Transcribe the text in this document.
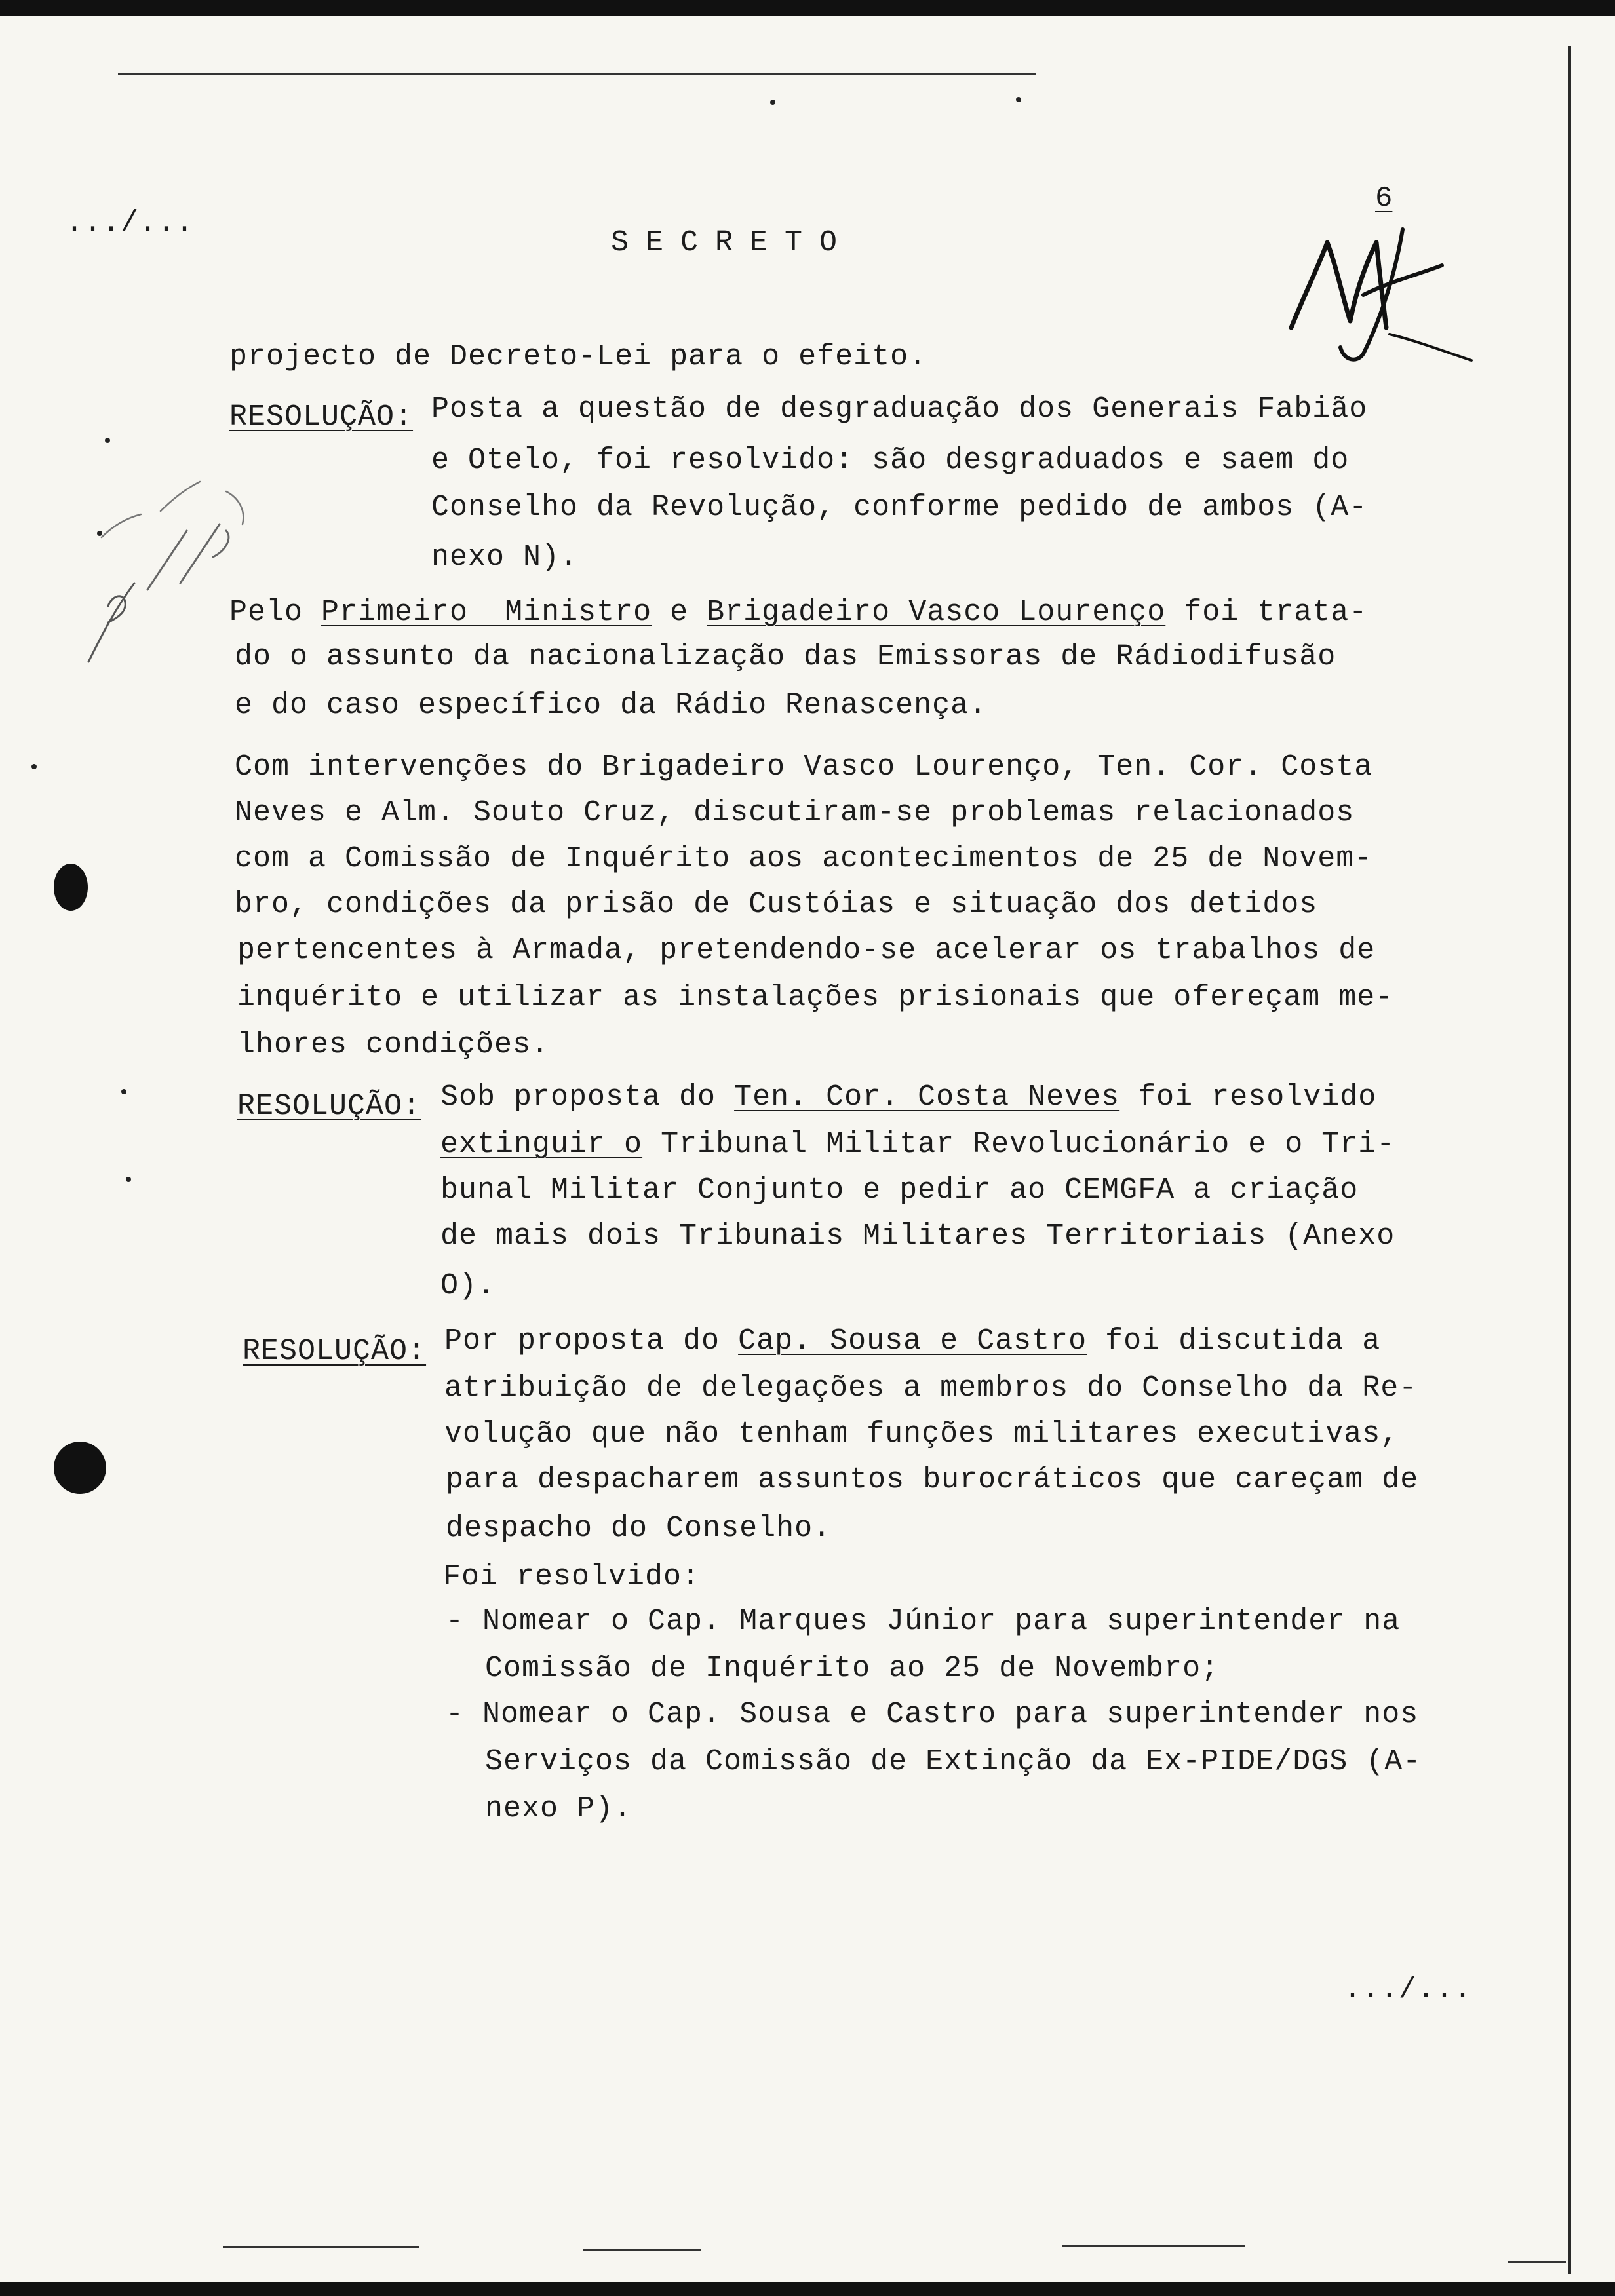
.../...
SECRETO
6
projecto de Decreto-Lei para o efeito.
RESOLUÇÃO: Posta a questão de desgraduação dos Generais Fabião
e Otelo, foi resolvido: são desgraduados e saem do
Conselho da Revolução, conforme pedido de ambos (A-
nexo N).
Pelo Primeiro  Ministro e Brigadeiro Vasco Lourenço foi trata-
do o assunto da nacionalização das Emissoras de Rádiodifusão
e do caso específico da Rádio Renascença.
Com intervenções do Brigadeiro Vasco Lourenço, Ten. Cor. Costa
Neves e Alm. Souto Cruz, discutiram-se problemas relacionados
com a Comissão de Inquérito aos acontecimentos de 25 de Novem-
bro, condições da prisão de Custóias e situação dos detidos
pertencentes à Armada, pretendendo-se acelerar os trabalhos de
inquérito e utilizar as instalações prisionais que ofereçam me-
lhores condições.
RESOLUÇÃO: Sob proposta do Ten. Cor. Costa Neves foi resolvido
extinguir o Tribunal Militar Revolucionário e o Tri-
bunal Militar Conjunto e pedir ao CEMGFA a criação
de mais dois Tribunais Militares Territoriais (Anexo
O).
RESOLUÇÃO: Por proposta do Cap. Sousa e Castro foi discutida a
atribuição de delegações a membros do Conselho da Re-
volução que não tenham funções militares executivas,
para despacharem assuntos burocráticos que careçam de
despacho do Conselho.
Foi resolvido:
- Nomear o Cap. Marques Júnior para superintender na
Comissão de Inquérito ao 25 de Novembro;
- Nomear o Cap. Sousa e Castro para superintender nos
Serviços da Comissão de Extinção da Ex-PIDE/DGS (A-
nexo P).
.../...
